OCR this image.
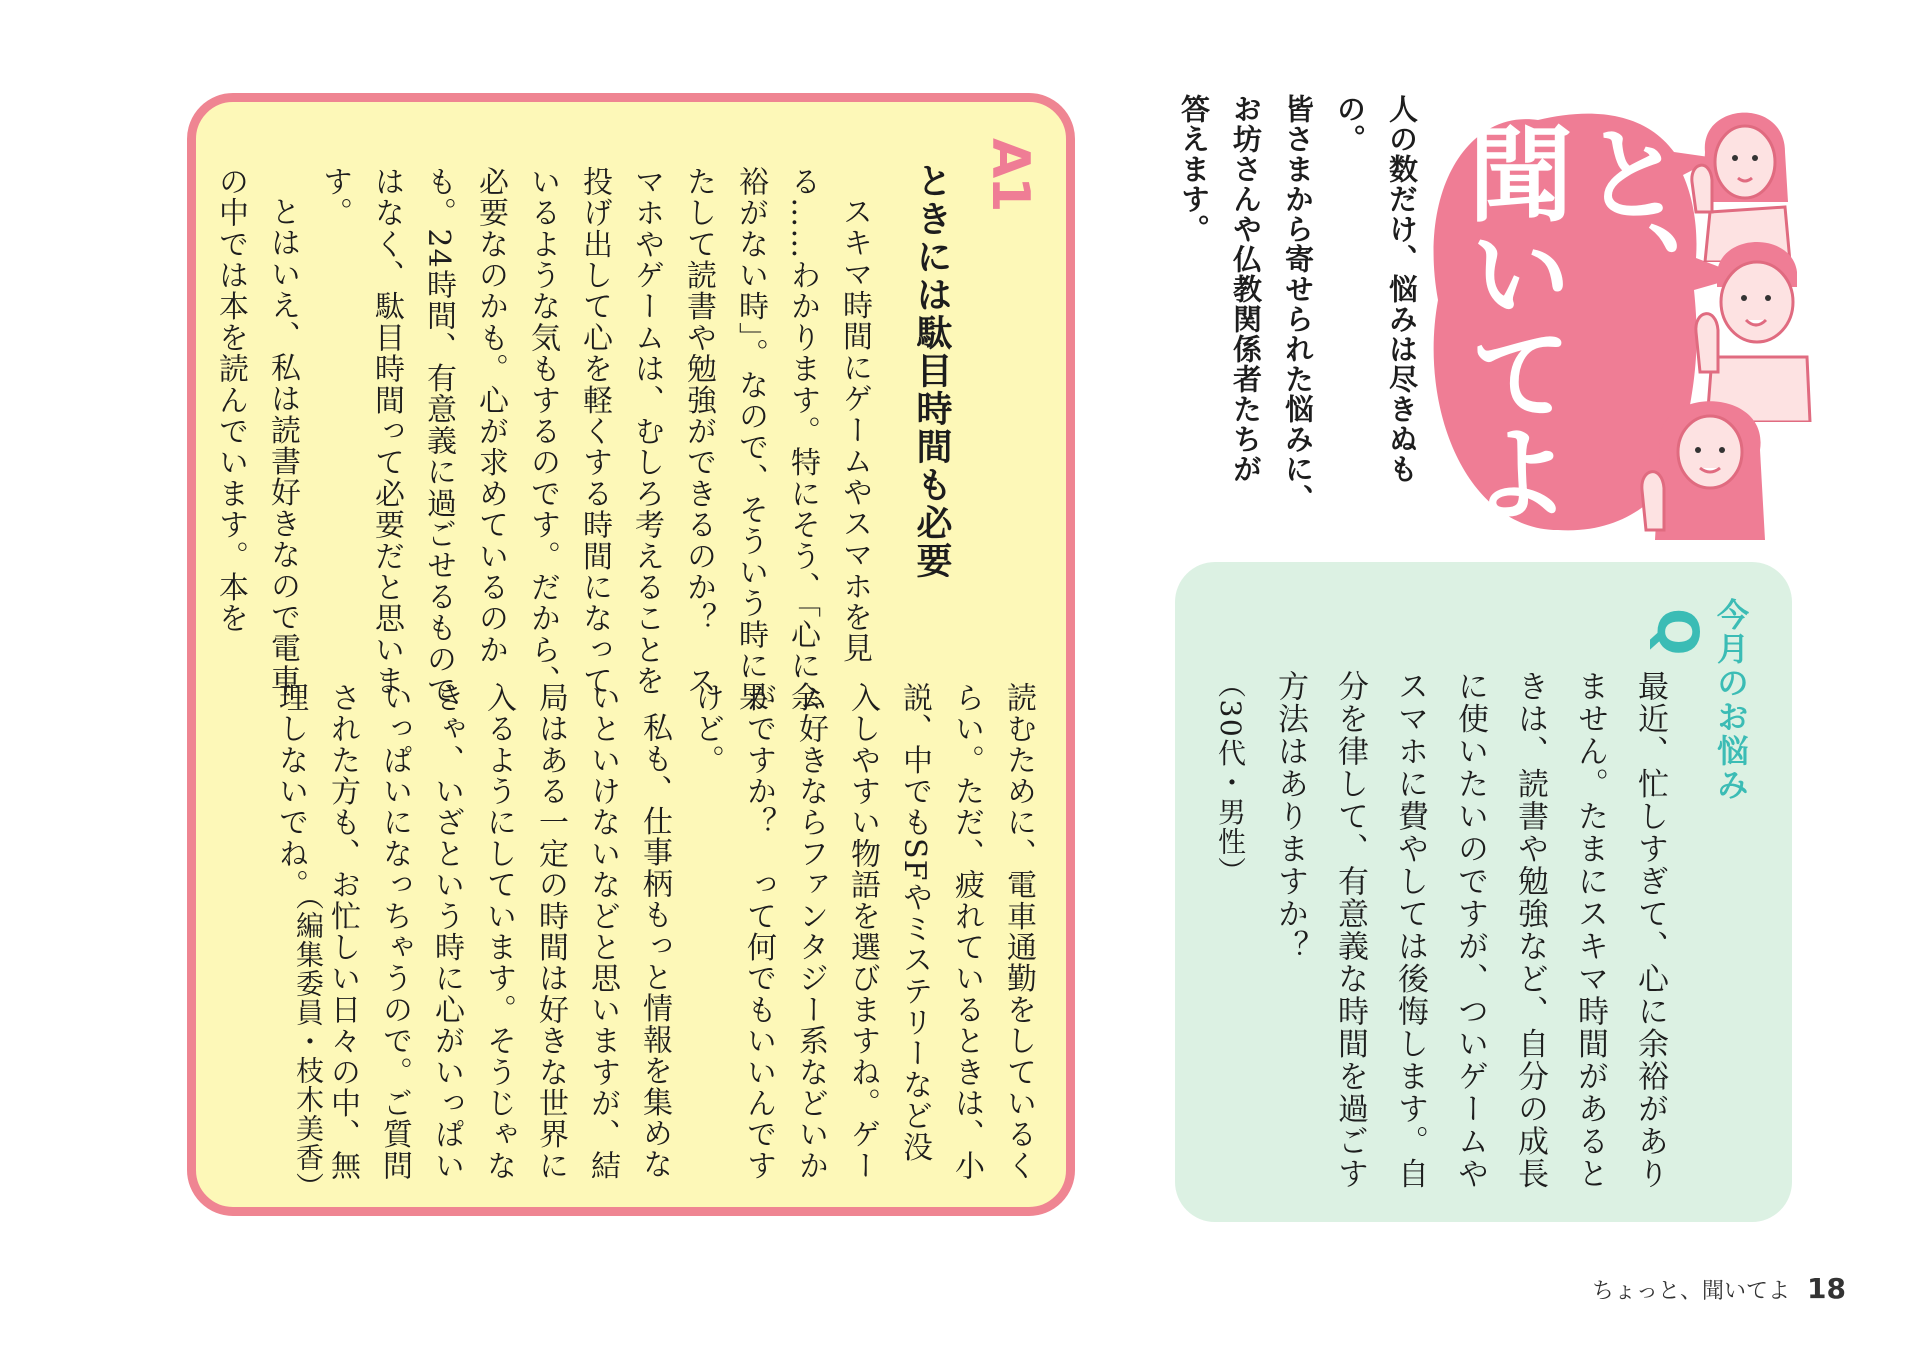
A1
ときには駄目時間も必要

スキマ時間にゲームやスマホを見る……わかります。特にそう、「心に余裕がない時」。なので、そういう時に果たして読書や勉強ができるのか？　スマホやゲームは、むしろ考えることを投げ出して心を軽くする時間になっているような気もするのです。だから、必要なのかも。心が求めているのかも。24時間、有意義に過ごせるものではなく、駄目時間って必要だと思います。

とはいえ、私は読書好きなので電車の中では本を読んでいます。本を

読むために、電車通勤をしているくらい。ただ、疲れているときは、小説、中でもSFやミステリーなど没入しやすい物語を選びますね。ゲーム好きならファンタジー系などいかがですか？　って何でもいいんですけど。

私も、仕事柄もっと情報を集めないといけないなどと思いますが、結局はある一定の時間は好きな世界に入るようにしています。そうじゃなきゃ、いざという時に心がいっぱいいっぱいになっちゃうので。ご質問された方も、お忙しい日々の中、無理しないでね。

（編集委員・枝木美香）
人の数だけ、悩みは尽きぬもの。
皆さまから寄せられた悩みに、
お坊さんや仏教関係者たちが
答えます。	と、
聞いてよ
今月のお悩み
Q
最近、忙しすぎて、心に余裕がありません。たまにスキマ時間があるときは、読書や勉強など、自分の成長に使いたいのですが、ついゲームやスマホに費やしては後悔します。自分を律して、有意義な時間を過ごす方法はありますか？
（30代・男性）
ちょっと、聞いてよ 18
